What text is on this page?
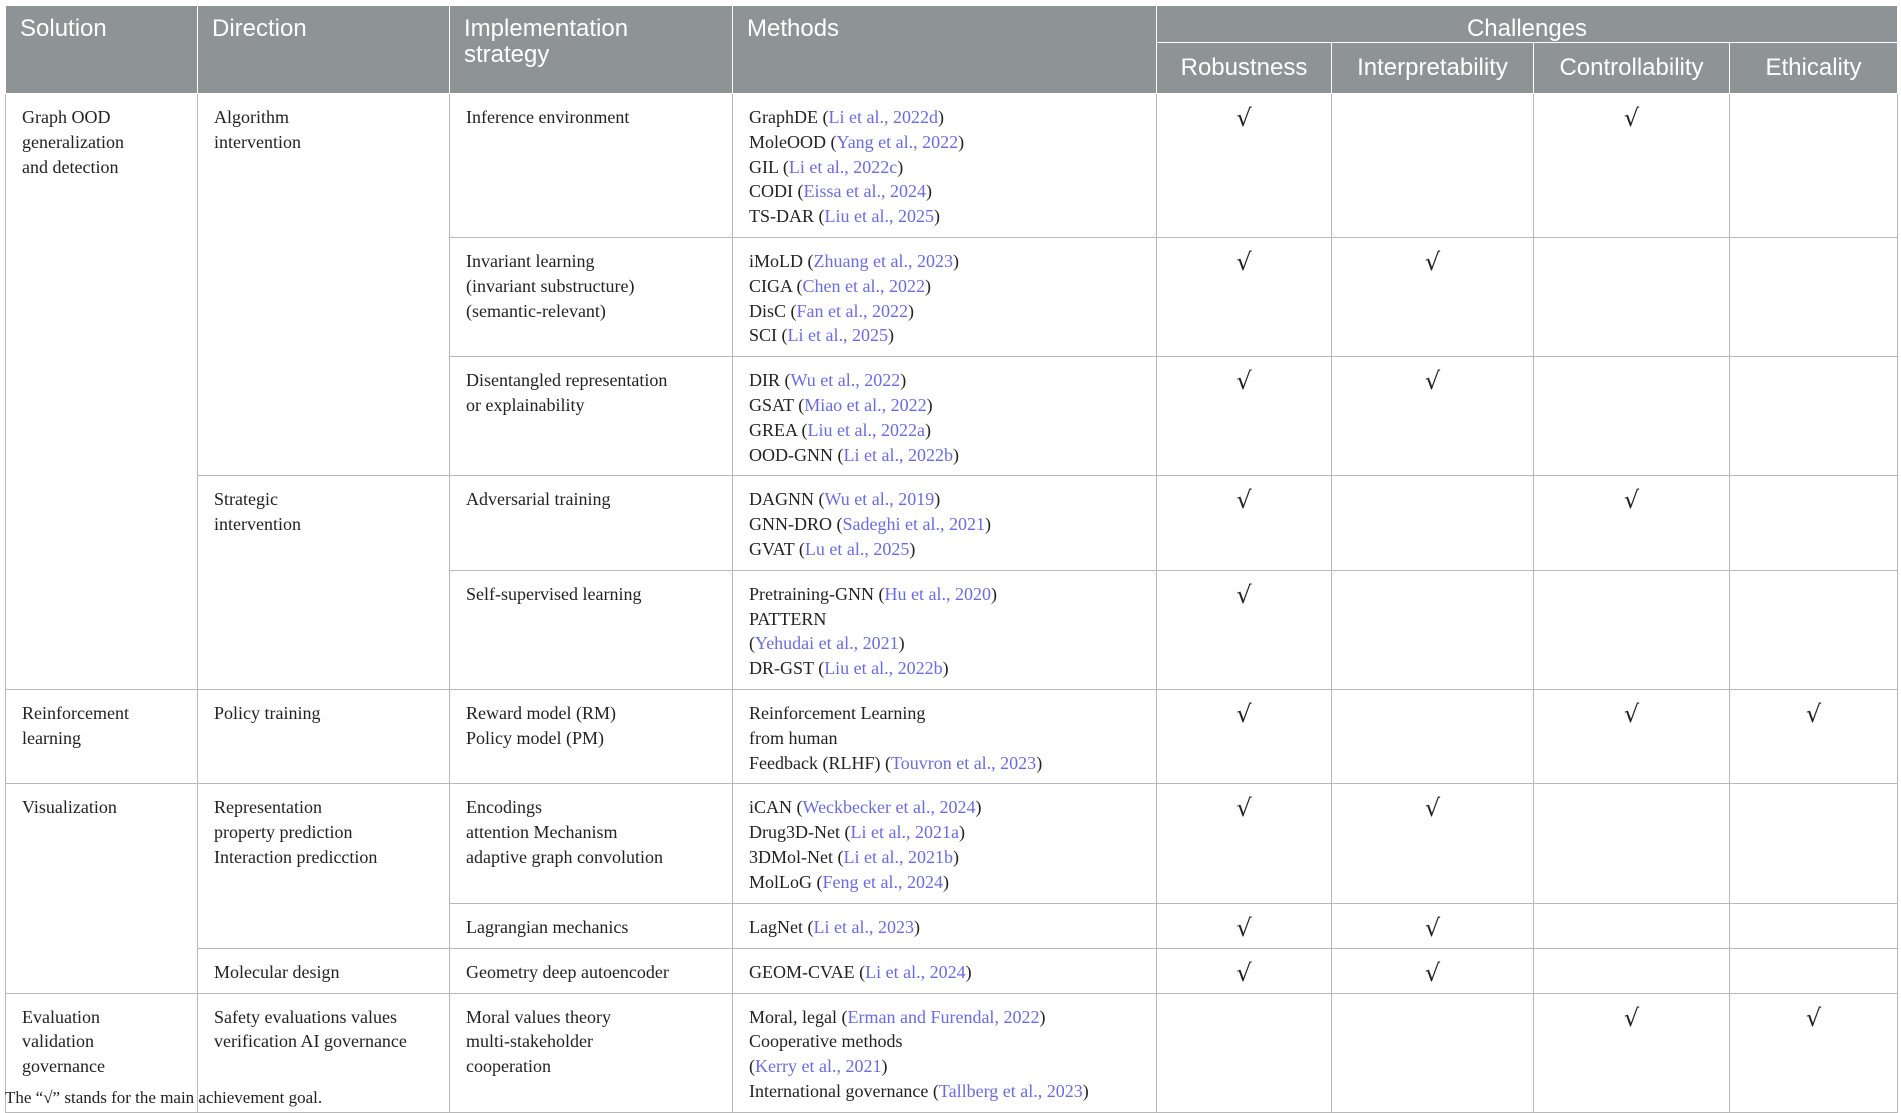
Solution	Direction	Implementation strategy	Methods	Challenges			
				Robustness	Interpretability	Controllability	Ethicality

Graph OOD
generalization
and detection	Algorithm
intervention	Inference environment	GraphDE (Li et al., 2022d)
MoleOOD (Yang et al., 2022)
GIL (Li et al., 2022c)
CODI (Eissa et al., 2024)
TS-DAR (Liu et al., 2025)	√		√	

		Invariant learning
(invariant substructure)
(semantic-relevant)	iMoLD (Zhuang et al., 2023)
CIGA (Chen et al., 2022)
DisC (Fan et al., 2022)
SCI (Li et al., 2025)	√	√		

		Disentangled representation
or explainability	DIR (Wu et al., 2022)
GSAT (Miao et al., 2022)
GREA (Liu et al., 2022a)
OOD-GNN (Li et al., 2022b)	√	√		

	Strategic
intervention	Adversarial training	DAGNN (Wu et al., 2019)
GNN-DRO (Sadeghi et al., 2021)
GVAT (Lu et al., 2025)	√		√	

		Self-supervised learning	Pretraining-GNN (Hu et al., 2020)
PATTERN
(Yehudai et al., 2021)
DR-GST (Liu et al., 2022b)	√			

Reinforcement
learning	Policy training	Reward model (RM)
Policy model (PM)	Reinforcement Learning
from human
Feedback (RLHF) (Touvron et al., 2023)	√		√	√

Visualization	Representation
property prediction
Interaction predicction	Encodings
attention Mechanism
adaptive graph convolution	iCAN (Weckbecker et al., 2024)
Drug3D-Net (Li et al., 2021a)
3DMol-Net (Li et al., 2021b)
MolLoG (Feng et al., 2024)	√	√		

		Lagrangian mechanics	LagNet (Li et al., 2023)	√	√		

	Molecular design	Geometry deep autoencoder	GEOM-CVAE (Li et al., 2024)	√	√		

Evaluation
validation
governance	Safety evaluations values
verification AI governance	Moral values theory
multi-stakeholder
cooperation	Moral, legal (Erman and Furendal, 2022)
Cooperative methods
(Kerry et al., 2021)
International governance (Tallberg et al., 2023)			√	√
The “√” stands for the main achievement goal.
